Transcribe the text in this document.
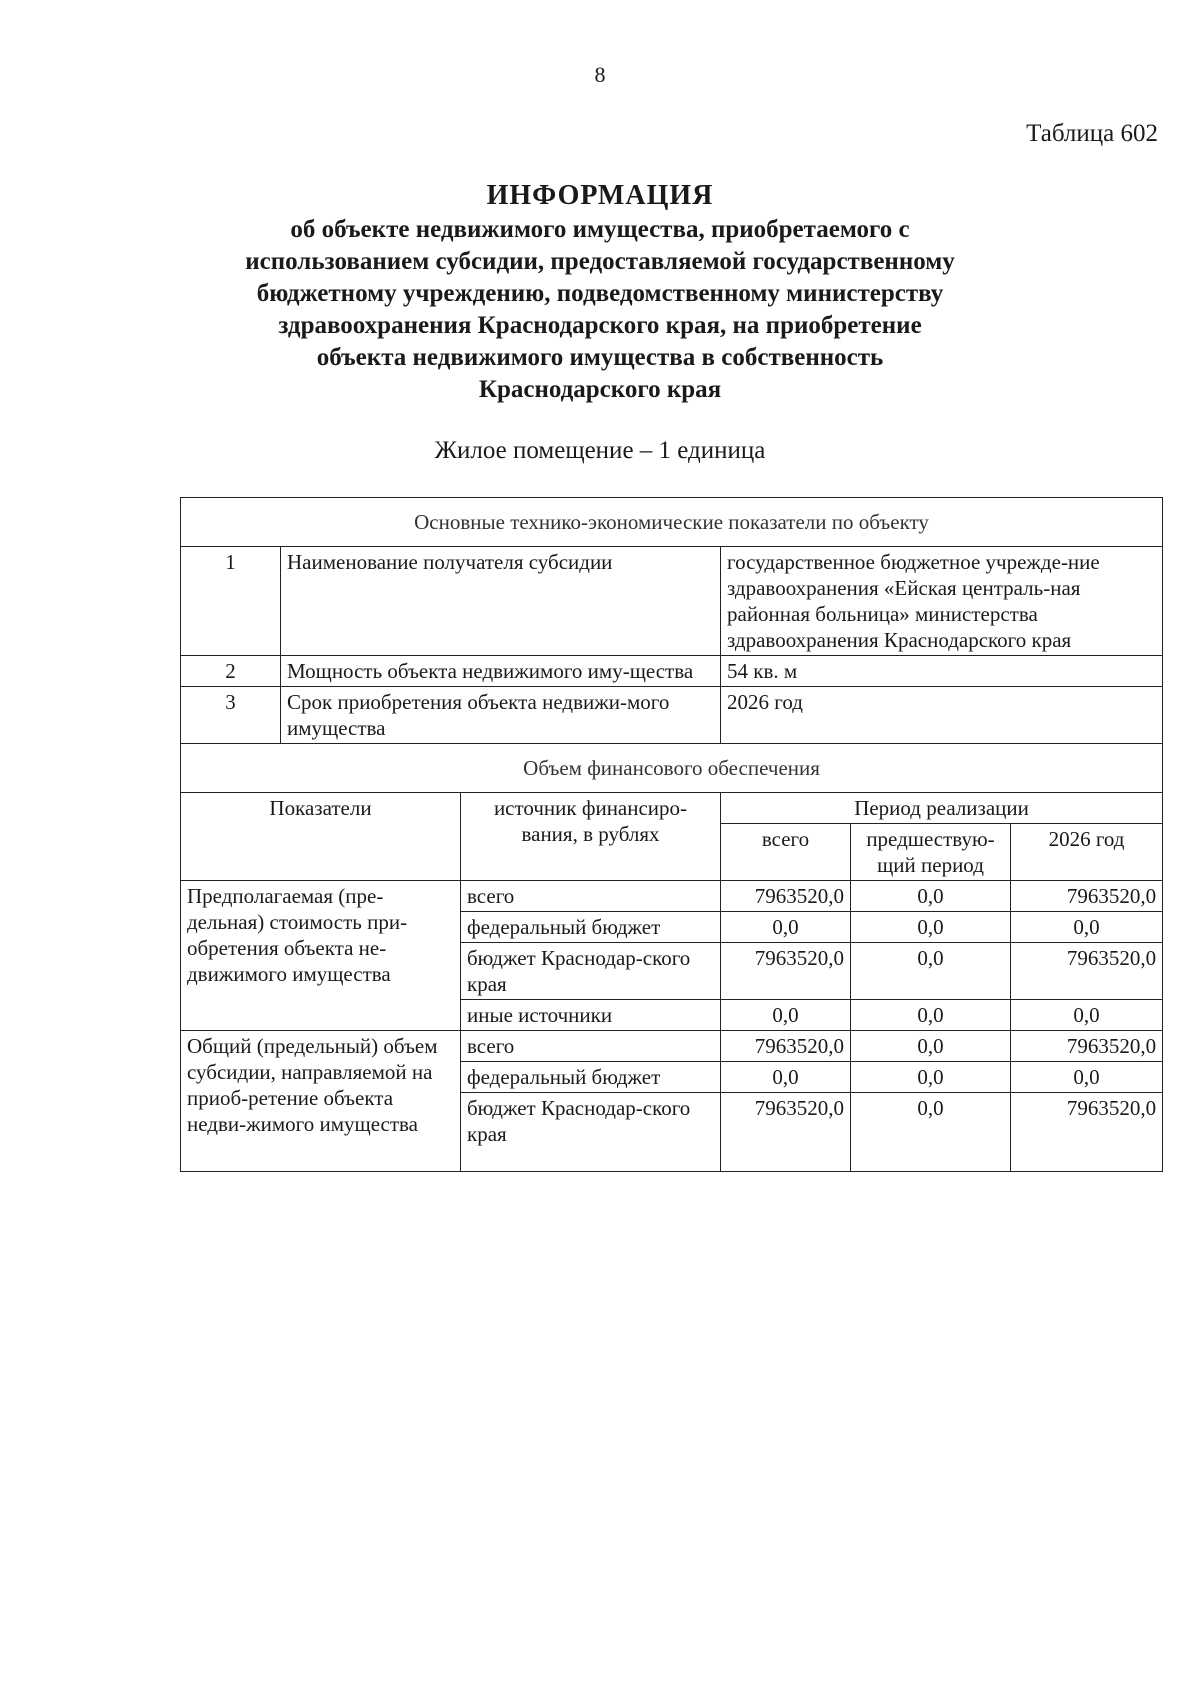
8
Таблица 602
ИНФОРМАЦИЯ
об объекте недвижимого имущества, приобретаемого с
использованием субсидии, предоставляемой государственному
бюджетному учреждению, подведомственному министерству
здравоохранения Краснодарского края, на приобретение
объекта недвижимого имущества в собственность
Краснодарского края
Жилое помещение – 1 единица
Основные технико-экономические показатели по объекту					
1	Наименование получателя субсидии		государственное бюджетное учрежде-ние здравоохранения «Ейская централь-ная районная больница» министерства здравоохранения Краснодарского края		
2	Мощность объекта недвижимого иму-щества		54 кв. м		
3	Срок приобретения объекта недвижи-мого имущества		2026 год		
Объем финансового обеспечения					
Показатели		источник финансиро-вания, в рублях	Период реализации		
			всего	предшествую-щий период	2026 год
Предполагаемая (пре-дельная) стоимость при-обретения объекта не-движимого имущества		всего	7963520,0	0,0	7963520,0
		федеральный бюджет	0,0	0,0	0,0
		бюджет Краснодар-ского края	7963520,0	0,0	7963520,0
		иные источники	0,0	0,0	0,0
Общий (предельный) объем субсидии, направляемой на приоб-ретение объекта недви-жимого имущества		всего	7963520,0	0,0	7963520,0
		федеральный бюджет	0,0	0,0	0,0
		бюджет Краснодар-ского края	7963520,0	0,0	7963520,0
